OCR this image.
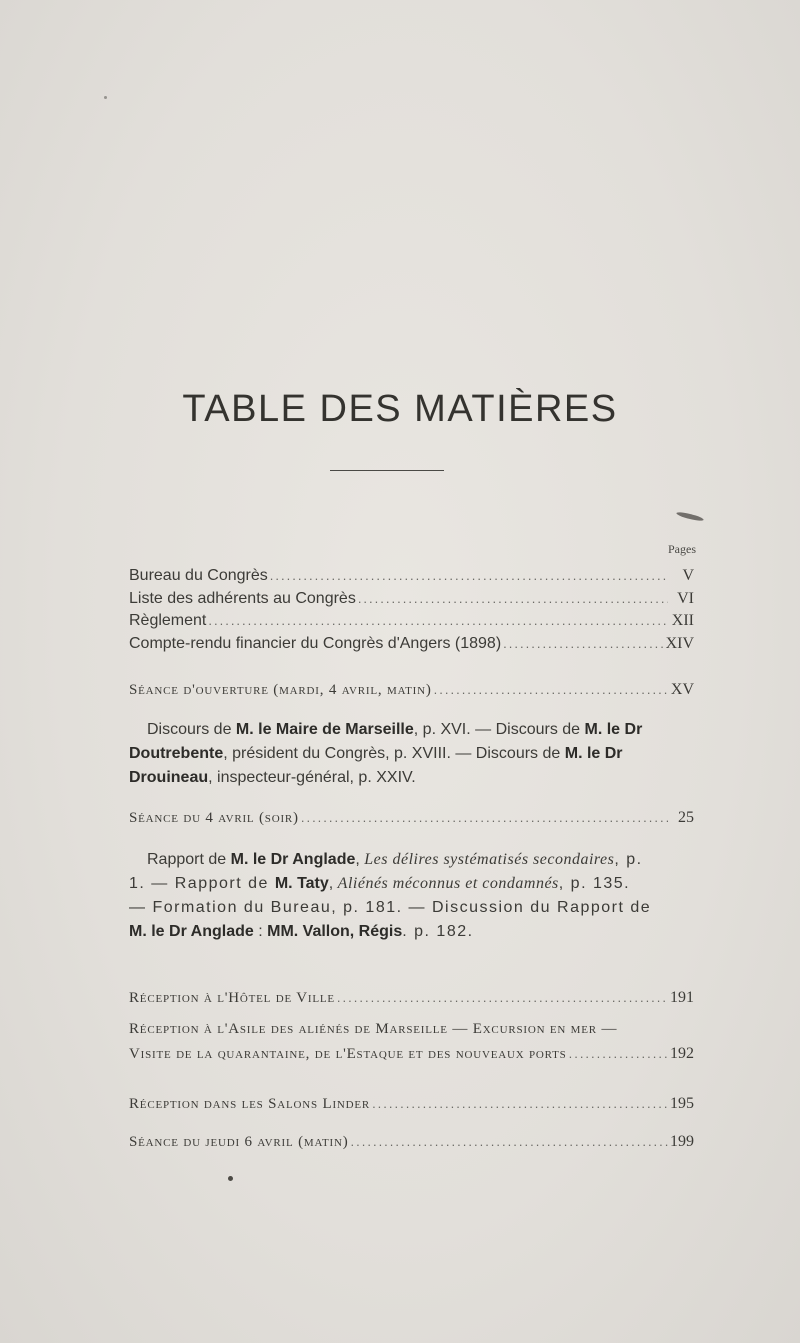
TABLE DES MATIÈRES
Pages
Bureau du Congrès .....	V
Liste des adhérents au Congrès .....	VI
Règlement .....	XII
Compte-rendu financier du Congrès d'Angers (1898) .....	XIV
Séance d'ouverture (mardi, 4 avril, matin) .....	XV
Discours de M. le Maire de Marseille, p. XVI. — Discours de M. le Dr Doutrebente, président du Congrès, p. XVIII. — Discours de M. le Dr Drouineau, inspecteur-général, p. XXIV.
Séance du 4 avril (soir) .....	25
Rapport de M. le Dr Anglade, Les délires systématisés secondaires, p. 1. — Rapport de M. Taty, Aliénés méconnus et condamnés, p. 135. — Formation du Bureau, p. 181. — Discussion du Rapport de M. le Dr Anglade : MM. Vallon, Régis. p. 182.
Réception à l'Hôtel de Ville .....	191
Réception à l'Asile des aliénés de Marseille — Excursion en mer —
Visite de la quarantaine, de l'Estaque et des nouveaux ports .....	192
Réception dans les Salons Linder .....	195
Séance du jeudi 6 avril (matin) .....	199
